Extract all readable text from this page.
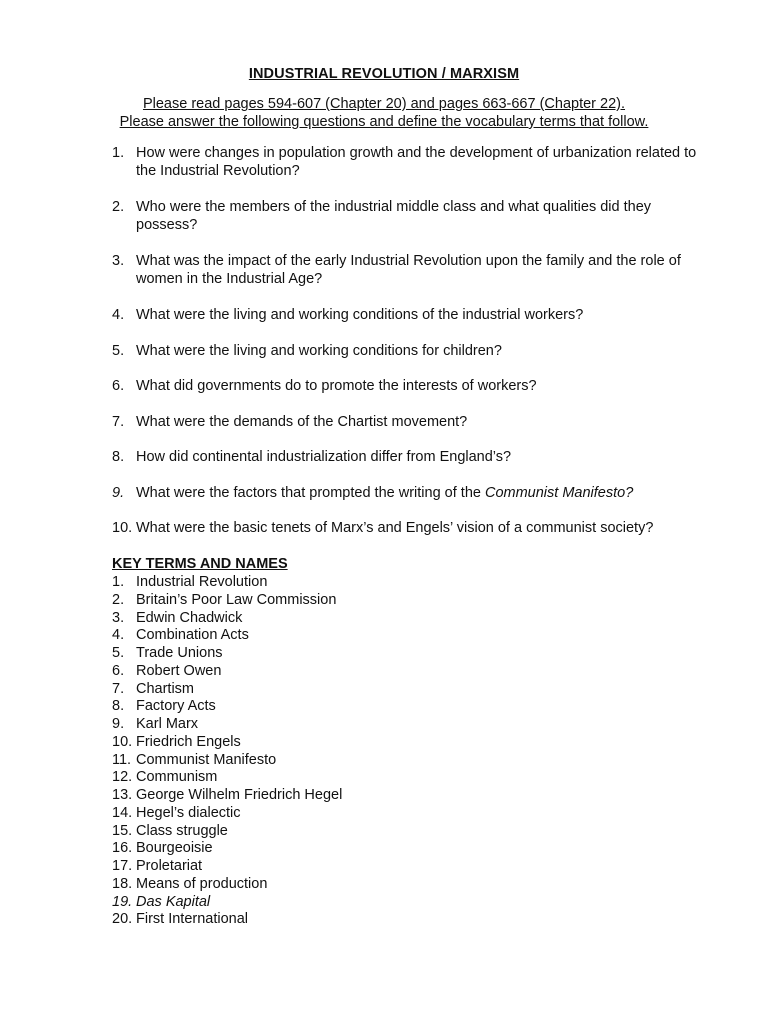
INDUSTRIAL REVOLUTION / MARXISM
Please read pages 594-607 (Chapter 20) and pages 663-667 (Chapter 22).
Please answer the following questions and define the vocabulary terms that follow.
1. How were changes in population growth and the development of urbanization related to the Industrial Revolution?
2. Who were the members of the industrial middle class and what qualities did they possess?
3. What was the impact of the early Industrial Revolution upon the family and the role of women in the Industrial Age?
4. What were the living and working conditions of the industrial workers?
5. What were the living and working conditions for children?
6. What did governments do to promote the interests of workers?
7. What were the demands of the Chartist movement?
8. How did continental industrialization differ from England’s?
9. What were the factors that prompted the writing of the Communist Manifesto?
10. What were the basic tenets of Marx’s and Engels’ vision of a communist society?
KEY TERMS AND NAMES
1. Industrial Revolution
2. Britain’s Poor Law Commission
3. Edwin Chadwick
4. Combination Acts
5. Trade Unions
6. Robert Owen
7. Chartism
8. Factory Acts
9. Karl Marx
10. Friedrich Engels
11. Communist Manifesto
12. Communism
13. George Wilhelm Friedrich Hegel
14. Hegel’s dialectic
15. Class struggle
16. Bourgeoisie
17. Proletariat
18. Means of production
19. Das Kapital
20. First International
